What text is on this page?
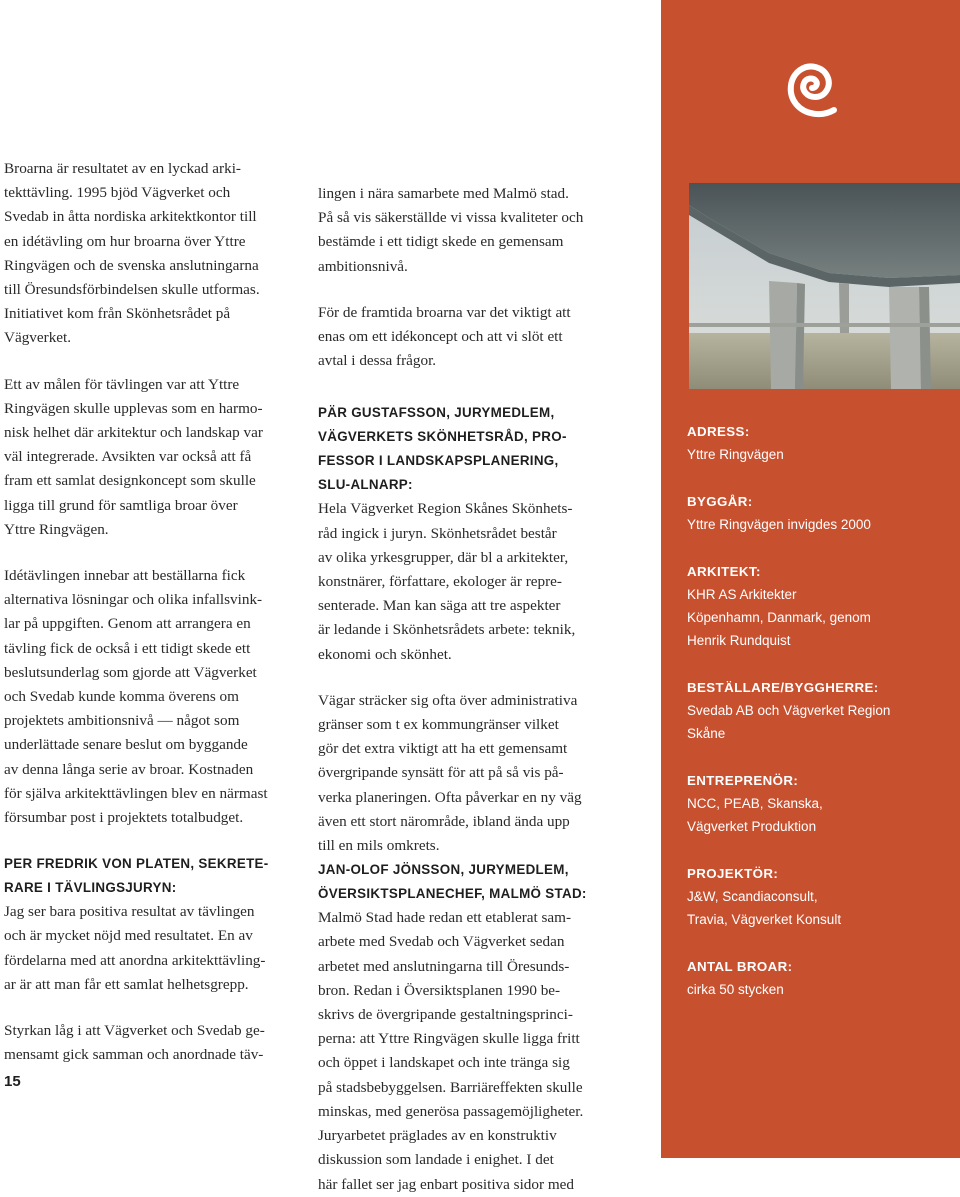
Broarna är resultatet av en lyckad arki-
tekttävling. 1995 bjöd Vägverket och
Svedab in åtta nordiska arkitektkontor till
en idétävling om hur broarna över Yttre
Ringvägen och de svenska anslutningarna
till Öresundsförbindelsen skulle utformas.
Initiativet kom från Skönhetsrådet på
Vägverket.

Ett av målen för tävlingen var att Yttre
Ringvägen skulle upplevas som en harmo-
nisk helhet där arkitektur och landskap var
väl integrerade. Avsikten var också att få
fram ett samlat designkoncept som skulle
ligga till grund för samtliga broar över
Yttre Ringvägen.

Idétävlingen innebar att beställarna fick
alternativa lösningar och olika infallsvink-
lar på uppgiften. Genom att arrangera en
tävling fick de också i ett tidigt skede ett
beslutsunderlag som gjorde att Vägverket
och Svedab kunde komma överens om
projektets ambitionsnivå — något som
underlättade senare beslut om byggande
av denna långa serie av broar. Kostnaden
för själva arkitekttävlingen blev en närmast
försumbar post i projektets totalbudget.

PER FREDRIK VON PLATEN, SEKRETE-
RARE I TÄVLINGSJURYN:

Jag ser bara positiva resultat av tävlingen
och är mycket nöjd med resultatet. En av
fördelarna med att anordna arkitekttävling-
ar är att man får ett samlat helhetsgrepp.

Styrkan låg i att Vägverket och Svedab ge-
mensamt gick samman och anordnade täv-

15

lingen i nära samarbete med Malmö stad.
På så vis säkerställde vi vissa kvaliteter och
bestämde i ett tidigt skede en gemensam
ambitionsnivå.

För de framtida broarna var det viktigt att
enas om ett idékoncept och att vi slöt ett
avtal i dessa frågor.

PÄR GUSTAFSSON, JURYMEDLEM,
VÄGVERKETS SKÖNHETSRÅD, PRO-
FESSOR I LANDSKAPSPLANERING,
SLU-ALNARP:

Hela Vägverket Region Skånes Skönhets-
råd ingick i juryn. Skönhetsrådet består
av olika yrkesgrupper, där bl a arkitekter,
konstnärer, författare, ekologer är repre-
senterade. Man kan säga att tre aspekter
är ledande i Skönhetsrådets arbete: teknik,
ekonomi och skönhet.

Vägar sträcker sig ofta över administrativa
gränser som t ex kommungränser vilket
gör det extra viktigt att ha ett gemensamt
övergripande synsätt för att på så vis på-
verka planeringen. Ofta påverkar en ny väg
även ett stort närområde, ibland ända upp
till en mils omkrets.

JAN-OLOF JÖNSSON, JURYMEDLEM,
ÖVERSIKTSPLANECHEF, MALMÖ STAD:

Malmö Stad hade redan ett etablerat sam-
arbete med Svedab och Vägverket sedan
arbetet med anslutningarna till Öresunds-
bron. Redan i Översiktsplanen 1990 be-
skrivs de övergripande gestaltningsprinci-
perna: att Yttre Ringvägen skulle ligga fritt
och öppet i landskapet och inte tränga sig
på stadsbebyggelsen. Barriäreffekten skulle
minskas, med generösa passagemöjligheter.
Juryarbetet präglades av en konstruktiv
diskussion som landade i enighet. I det
här fallet ser jag enbart positiva sidor med

ADRESS:
Yttre Ringvägen
BYGGÅR:
Yttre Ringvägen invigdes 2000
ARKITEKT:
KHR AS Arkitekter
Köpenhamn, Danmark, genom
Henrik Rundquist
BESTÄLLARE/BYGGHERRE:
Svedab AB och Vägverket Region
Skåne
ENTREPRENÖR:
NCC, PEAB, Skanska,
Vägverket Produktion
PROJEKTÖR:
J&W, Scandiaconsult,
Travia, Vägverket Konsult
ANTAL BROAR:
cirka 50 stycken
